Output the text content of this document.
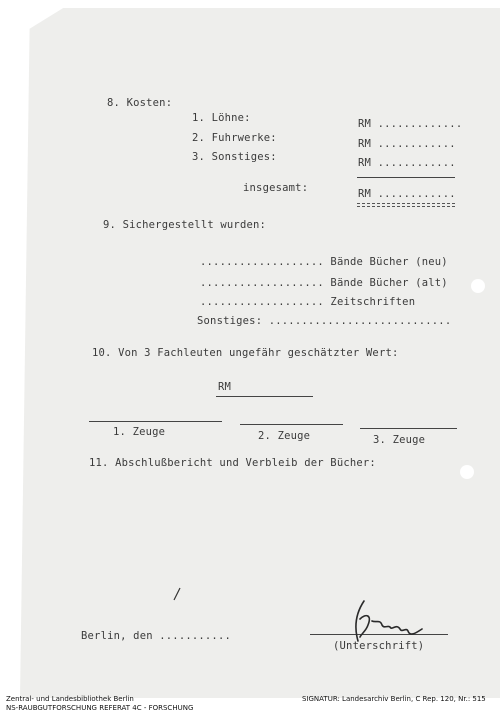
8. Kosten:
1. Löhne:	RM .............
2. Fuhrwerke:	RM ............
3. Sonstiges:	RM ............
insgesamt:	RM ............
9. Sichergestellt wurden:
................... Bände Bücher (neu)
................... Bände Bücher (alt)
................... Zeitschriften
Sonstiges: ............................
10. Von 3 Fachleuten ungefähr geschätzter Wert:
RM
1. Zeuge	2. Zeuge	3. Zeuge
11. Abschlußbericht und Verbleib der Bücher:
Berlin, den ...........
(Unterschrift)
Zentral- und Landesbibliothek Berlin
NS-RAUBGUTFORSCHUNG REFERAT 4C - FORSCHUNG
SIGNATUR: Landesarchiv Berlin, C Rep. 120, Nr.: 515
